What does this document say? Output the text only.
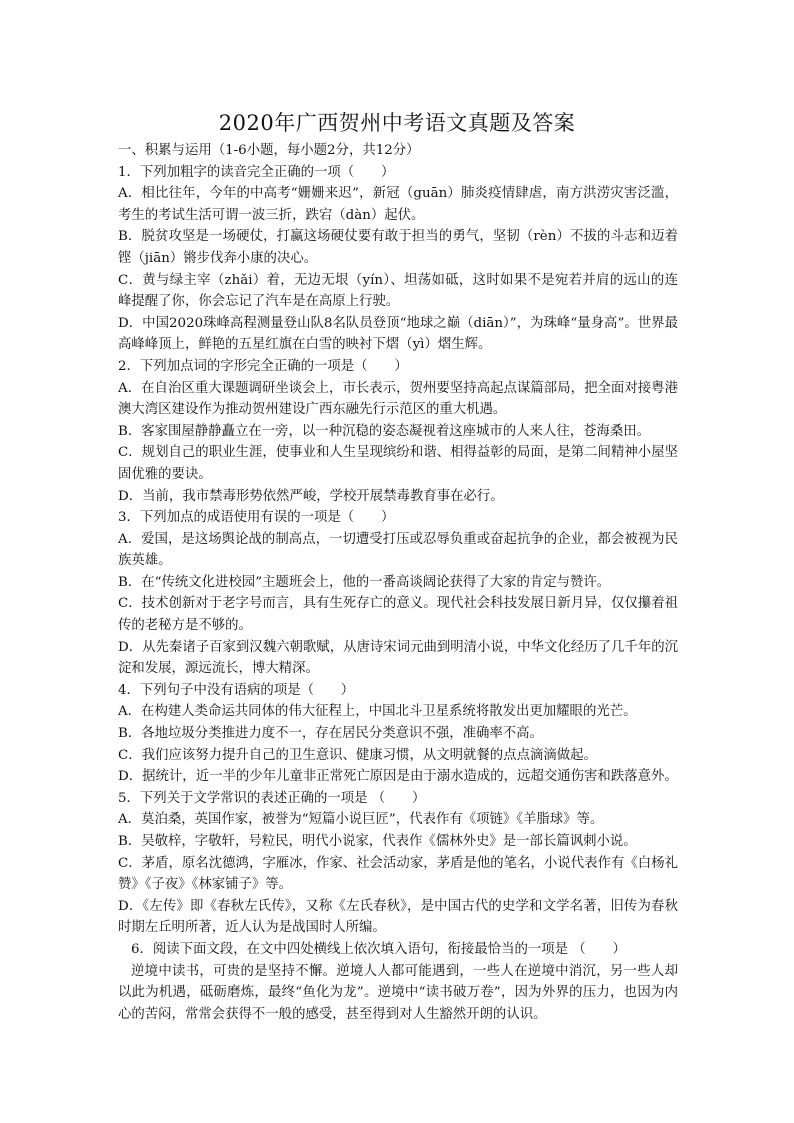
2020年广西贺州中考语文真题及答案

一、积累与运用（1-6小题，每小题2分，共12分）

1．下列加粗字的读音完全正确的一项（　　）

A．相比往年，今年的中高考“姗姗来迟”，新冠（guān）肺炎疫情肆虐，南方洪涝灾害泛滥，考生的考试生活可谓一波三折，跌宕（dàn）起伏。

B．脱贫攻坚是一场硬仗，打赢这场硬仗要有敢于担当的勇气，坚韧（rèn）不拔的斗志和迈着铿（jiān）锵步伐奔小康的决心。

C．黄与绿主宰（zhǎi）着，无边无垠（yín）、坦荡如砥，这时如果不是宛若并肩的远山的连峰提醒了你，你会忘记了汽车是在高原上行驶。

D．中国2020珠峰高程测量登山队8名队员登顶“地球之巅（diān）”，为珠峰“量身高”。世界最高峰峰顶上，鲜艳的五星红旗在白雪的映衬下熠（yì）熠生辉。

2．下列加点词的字形完全正确的一项是（　　）

A．在自治区重大课题调研坐谈会上，市长表示，贺州要坚持高起点谋篇部局，把全面对接粤港澳大湾区建设作为推动贺州建设广西东融先行示范区的重大机遇。

B．客家围屋静静矗立在一旁，以一种沉稳的姿态凝视着这座城市的人来人往，苍海桑田。

C．规划自己的职业生涯，使事业和人生呈现缤纷和谐、相得益彰的局面，是第二间精神小屋坚固优雅的要诀。

D．当前，我市禁毒形势依然严峻，学校开展禁毒教育事在必行。

3．下列加点的成语使用有误的一项是（　　）

A．爱国，是这场舆论战的制高点，一切遭受打压或忍辱负重或奋起抗争的企业，都会被视为民族英雄。

B．在“传统文化进校园”主题班会上，他的一番高谈阔论获得了大家的肯定与赞许。

C．技术创新对于老字号而言，具有生死存亡的意义。现代社会科技发展日新月异，仅仅攥着祖传的老秘方是不够的。

D．从先秦诸子百家到汉魏六朝歌赋，从唐诗宋词元曲到明清小说，中华文化经历了几千年的沉淀和发展，源远流长，博大精深。

4．下列句子中没有语病的项是（　　）

A．在构建人类命运共同体的伟大征程上，中国北斗卫星系统将散发出更加耀眼的光芒。

B．各地垃圾分类推进力度不一，存在居民分类意识不强，准确率不高。

C．我们应该努力提升自己的卫生意识、健康习惯，从文明就餐的点点滴滴做起。

D．据统计，近一半的少年儿童非正常死亡原因是由于溺水造成的，远超交通伤害和跌落意外。

5．下列关于文学常识的表述正确的一项是 （　　）

A．莫泊桑，英国作家，被誉为“短篇小说巨匠”，代表作有《项链》《羊脂球》等。

B．吴敬梓，字敬轩，号粒民，明代小说家，代表作《儒林外史》是一部长篇讽刺小说。

C．茅盾，原名沈德鸿，字雁冰，作家、社会活动家，茅盾是他的笔名，小说代表作有《白杨礼赞》《子夜》《林家铺子》等。

D．《左传》即《春秋左氏传》，又称《左氏春秋》，是中国古代的史学和文学名著，旧传为春秋时期左丘明所著，近人认为是战国时人所编。

6．阅读下面文段，在文中四处横线上依次填入语句，衔接最恰当的一项是 （　　）

逆境中读书，可贵的是坚持不懈。逆境人人都可能遇到，一些人在逆境中消沉，另一些人却以此为机遇，砥砺磨炼，最终“鱼化为龙”。逆境中“读书破万卷”，因为外界的压力，也因为内心的苦闷，常常会获得不一般的感受，甚至得到对人生豁然开朗的认识。
